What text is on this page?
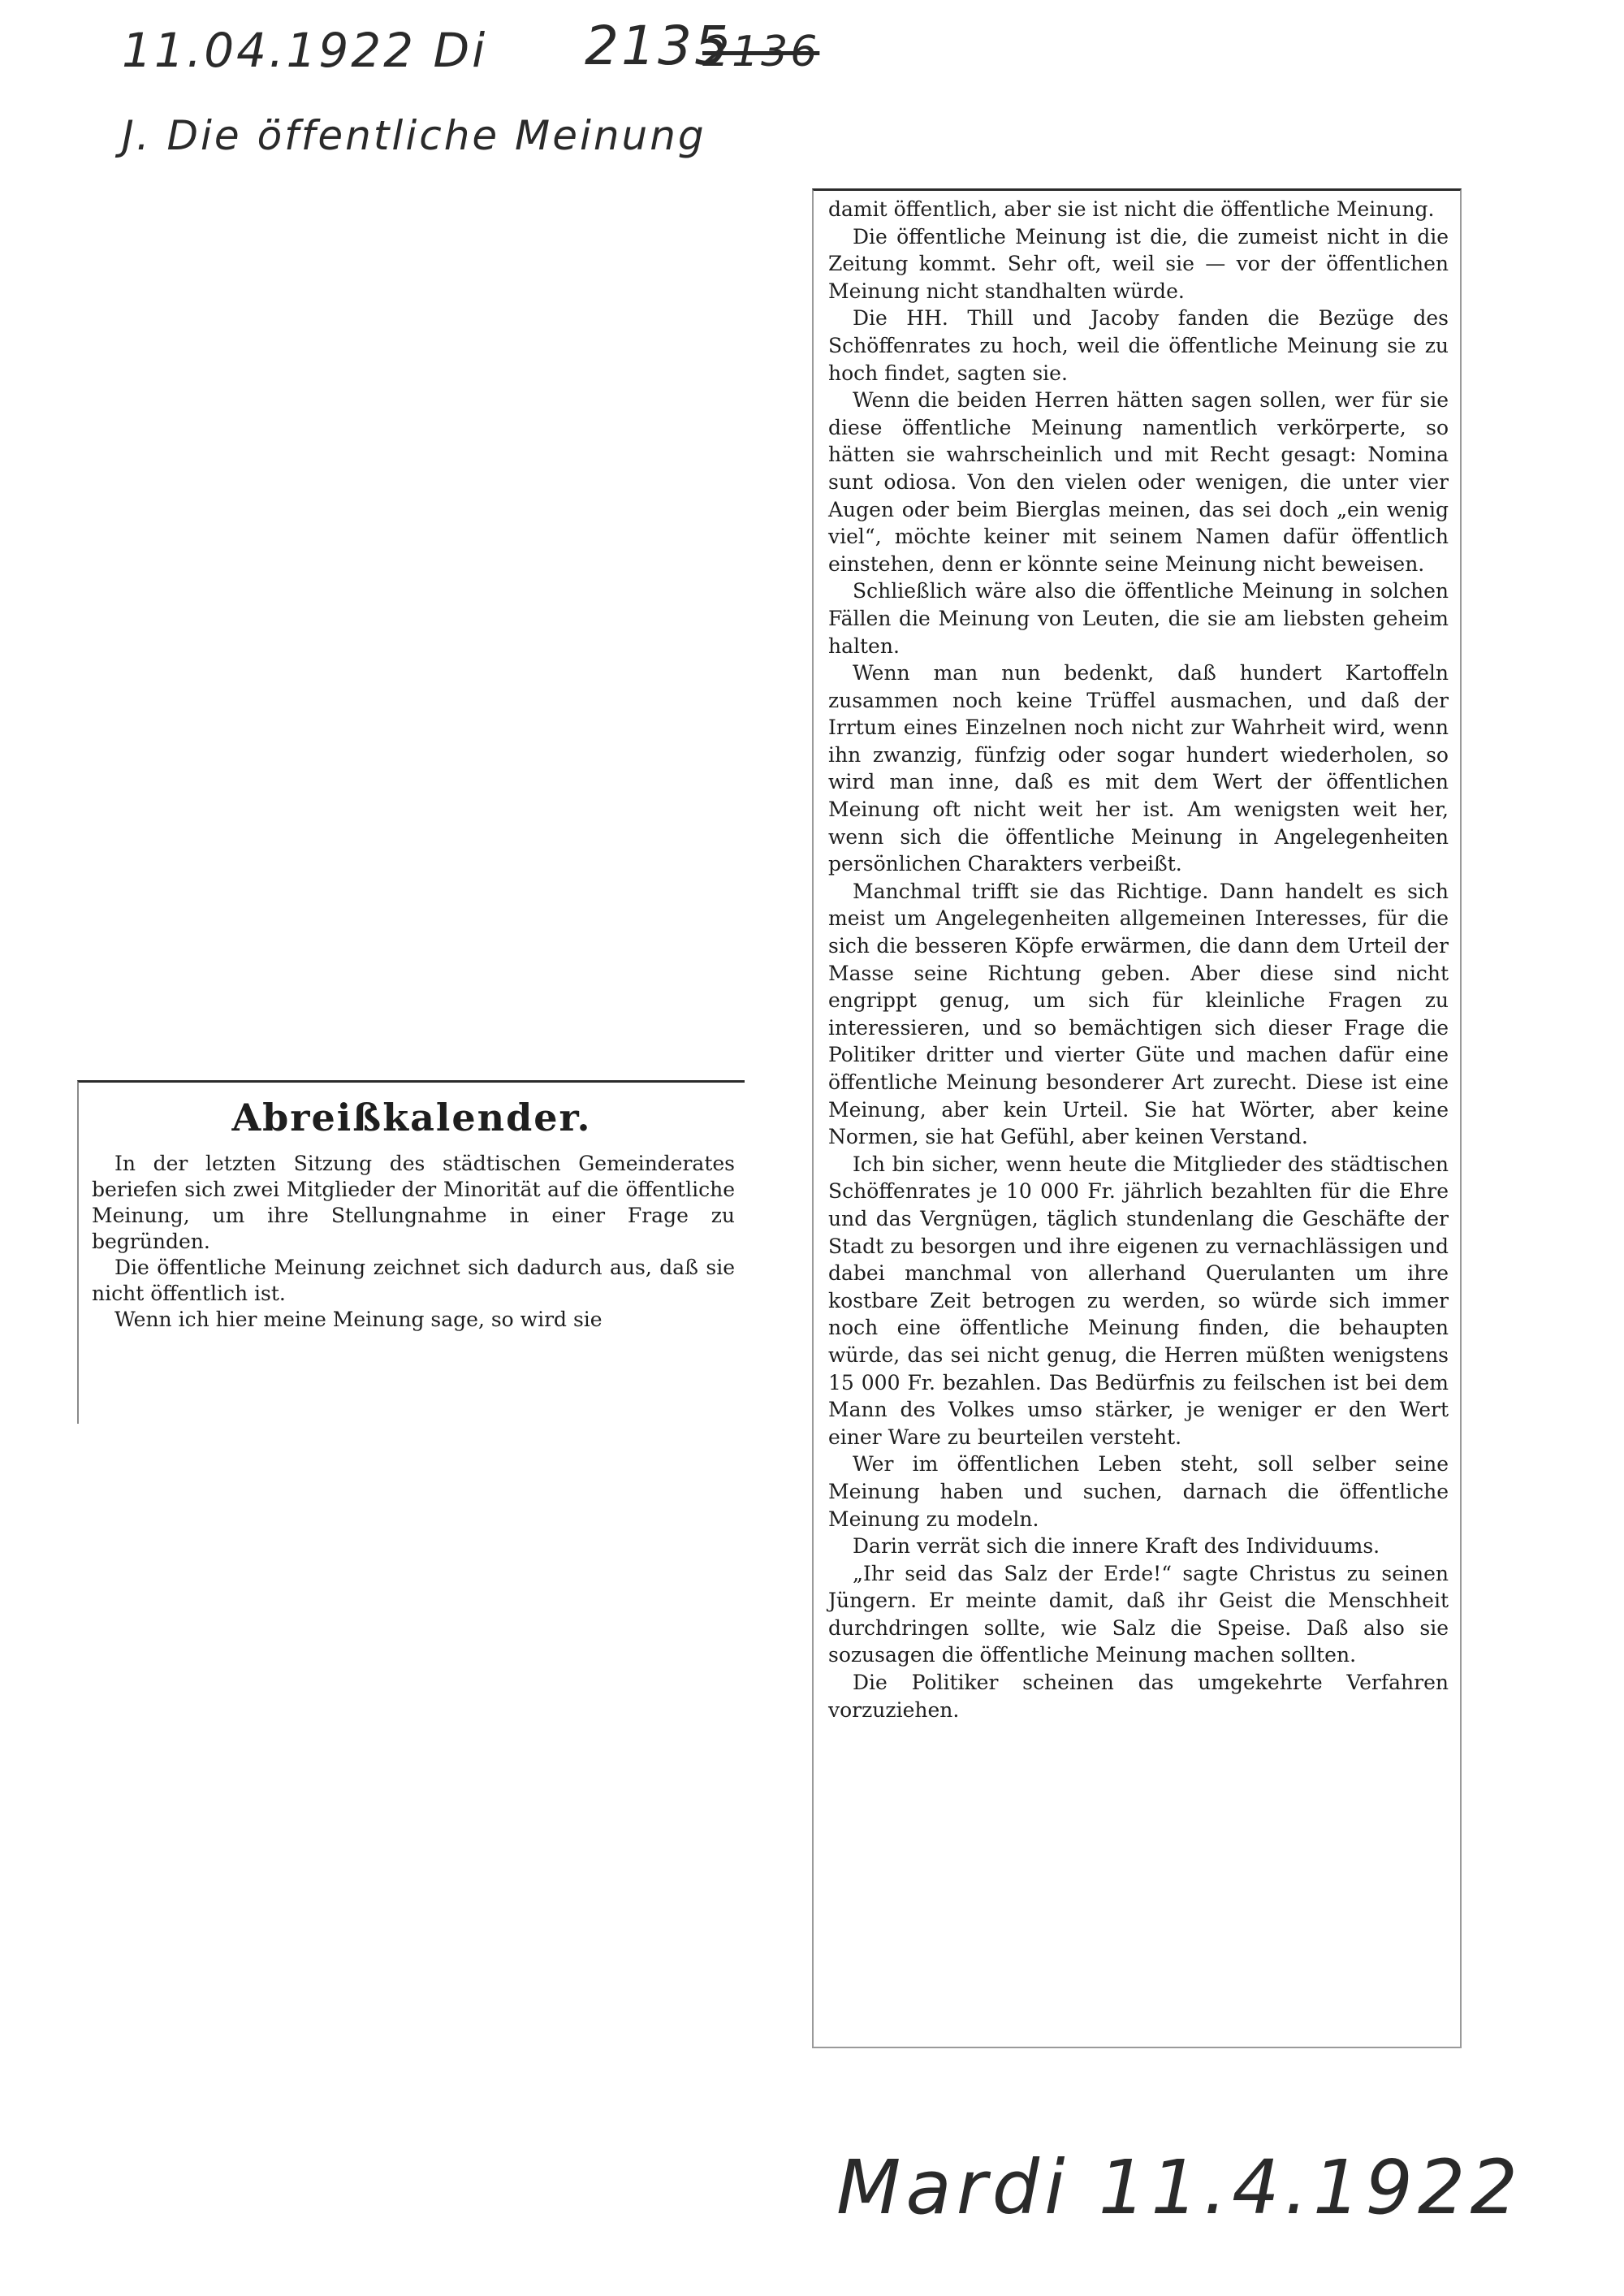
11.04.1922 Di 2135
2136
J. Die öffentliche Meinung
Abreißkalender.

In der letzten Sitzung des städtischen Gemeinderates beriefen sich zwei Mitglieder der Minorität auf die öffentliche Meinung, um ihre Stellungnahme in einer Frage zu begründen.

Die öffentliche Meinung zeichnet sich dadurch aus, daß sie nicht öffentlich ist.

Wenn ich hier meine Meinung sage, so wird sie

damit öffentlich, aber sie ist nicht die öffentliche Meinung.

Die öffentliche Meinung ist die, die zumeist nicht in die Zeitung kommt. Sehr oft, weil sie — vor der öffentlichen Meinung nicht standhalten würde.

Die HH. Thill und Jacoby fanden die Bezüge des Schöffenrates zu hoch, weil die öffentliche Meinung sie zu hoch findet, sagten sie.

Wenn die beiden Herren hätten sagen sollen, wer für sie diese öffentliche Meinung namentlich verkörperte, so hätten sie wahrscheinlich und mit Recht gesagt: Nomina sunt odiosa. Von den vielen oder wenigen, die unter vier Augen oder beim Bierglas meinen, das sei doch „ein wenig viel“, möchte keiner mit seinem Namen dafür öffentlich einstehen, denn er könnte seine Meinung nicht beweisen.

Schließlich wäre also die öffentliche Meinung in solchen Fällen die Meinung von Leuten, die sie am liebsten geheim halten.

Wenn man nun bedenkt, daß hundert Kartoffeln zusammen noch keine Trüffel ausmachen, und daß der Irrtum eines Einzelnen noch nicht zur Wahrheit wird, wenn ihn zwanzig, fünfzig oder sogar hundert wiederholen, so wird man inne, daß es mit dem Wert der öffentlichen Meinung oft nicht weit her ist. Am wenigsten weit her, wenn sich die öffentliche Meinung in Angelegenheiten persönlichen Charakters verbeißt.

Manchmal trifft sie das Richtige. Dann handelt es sich meist um Angelegenheiten allgemeinen Interesses, für die sich die besseren Köpfe erwärmen, die dann dem Urteil der Masse seine Richtung geben. Aber diese sind nicht engrippt genug, um sich für kleinliche Fragen zu interessieren, und so bemächtigen sich dieser Frage die Politiker dritter und vierter Güte und machen dafür eine öffentliche Meinung besonderer Art zurecht. Diese ist eine Meinung, aber kein Urteil. Sie hat Wörter, aber keine Normen, sie hat Gefühl, aber keinen Verstand.

Ich bin sicher, wenn heute die Mitglieder des städtischen Schöffenrates je 10 000 Fr. jährlich bezahlten für die Ehre und das Vergnügen, täglich stundenlang die Geschäfte der Stadt zu besorgen und ihre eigenen zu vernachlässigen und dabei manchmal von allerhand Querulanten um ihre kostbare Zeit betrogen zu werden, so würde sich immer noch eine öffentliche Meinung finden, die behaupten würde, das sei nicht genug, die Herren müßten wenigstens 15 000 Fr. bezahlen. Das Bedürfnis zu feilschen ist bei dem Mann des Volkes umso stärker, je weniger er den Wert einer Ware zu beurteilen versteht.

Wer im öffentlichen Leben steht, soll selber seine Meinung haben und suchen, darnach die öffentliche Meinung zu modeln.

Darin verrät sich die innere Kraft des Individuums.

„Ihr seid das Salz der Erde!“ sagte Christus zu seinen Jüngern. Er meinte damit, daß ihr Geist die Menschheit durchdringen sollte, wie Salz die Speise. Daß also sie sozusagen die öffentliche Meinung machen sollten.

Die Politiker scheinen das umgekehrte Verfahren vorzuziehen.

Mardi 11.4.1922
